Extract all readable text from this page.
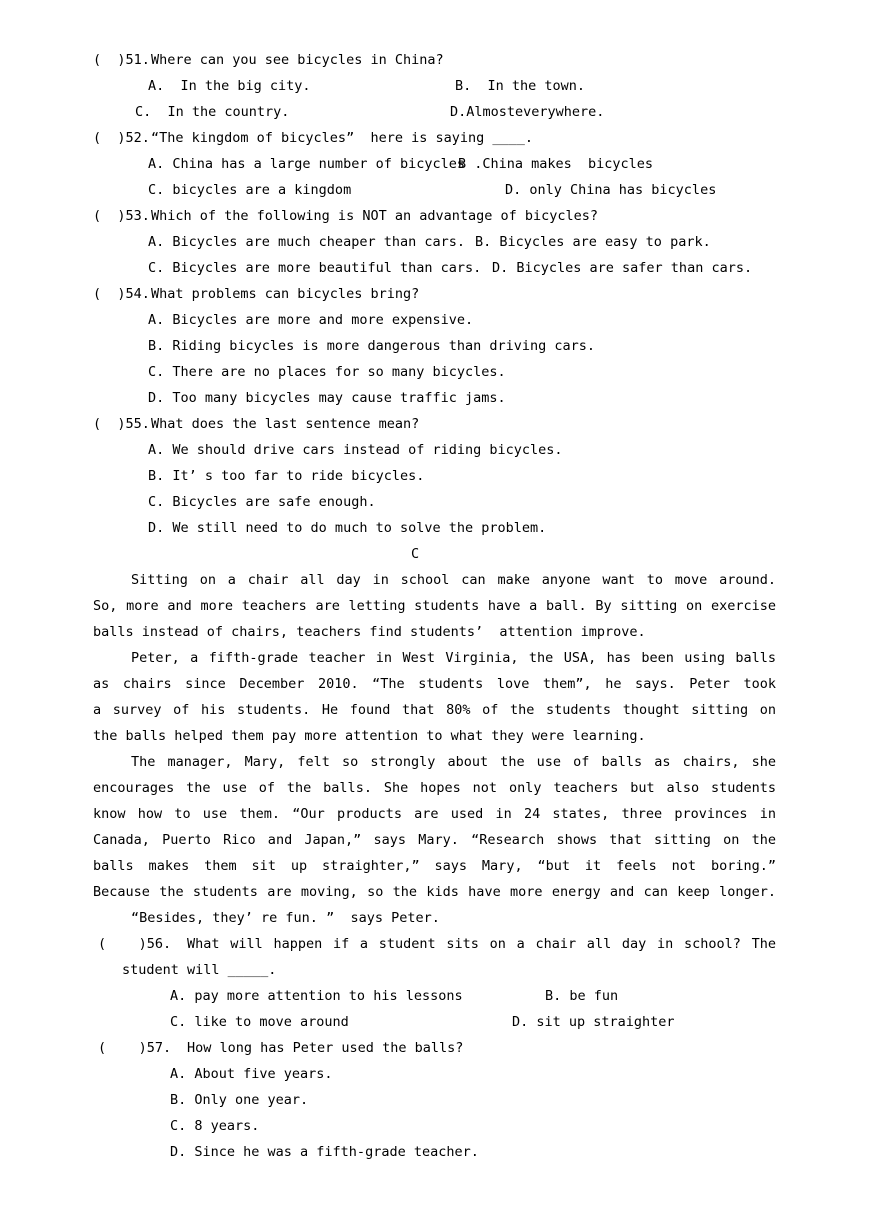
(  )51. Where can you see bicycles in China?
A.  In the big city.	B.  In the town.
C.  In the country.	D.Almosteverywhere.
(  )52. “The kingdom of bicycles”  here is saying ____.
A. China has a large number of bicycles
B .China makes  bicycles
C. bicycles are a kingdom	D. only China has bicycles
(  )53. Which of the following is NOT an advantage of bicycles?
A. Bicycles are much cheaper than cars. B. Bicycles are easy to park.
C. Bicycles are more beautiful than cars. D. Bicycles are safer than cars.
(  )54. What problems can bicycles bring?
A. Bicycles are more and more expensive.
B. Riding bicycles is more dangerous than driving cars.
C. There are no places for so many bicycles.
D. Too many bicycles may cause traffic jams.
(  )55. What does the last sentence mean?
A. We should drive cars instead of riding bicycles.
B. It’ s too far to ride bicycles.
C. Bicycles are safe enough.
D. We still need to do much to solve the problem.
C
Sitting on a chair all day in school can make anyone want to move around.
So, more and more teachers are letting students have a ball. By sitting on exercise
balls instead of chairs, teachers find students’  attention improve.
Peter, a fifth-grade teacher in West Virginia, the USA, has been using balls
as chairs since December 2010. “The students love them”, he says. Peter took
a survey of his students. He found that 80% of the students thought sitting on
the balls helped them pay more attention to what they were learning.
The manager, Mary, felt so strongly about the use of balls as chairs, she
encourages the use of the balls. She hopes not only teachers but also students
know how to use them. “Our products are used in 24 states, three provinces in
Canada, Puerto Rico and Japan,” says Mary. “Research shows that sitting on the
balls makes them sit up straighter,” says Mary, “but it feels not boring.”
Because the students are moving, so the kids have more energy and can keep longer.
“Besides, they’ re fun. ”  says Peter.
(    )56. What will happen if a student sits on a chair all day in school? The
student will _____.
A. pay more attention to his lessons	B. be fun
C. like to move around	D. sit up straighter
(    )57. How long has Peter used the balls?
A. About five years.
B. Only one year.
C. 8 years.
D. Since he was a fifth-grade teacher.
